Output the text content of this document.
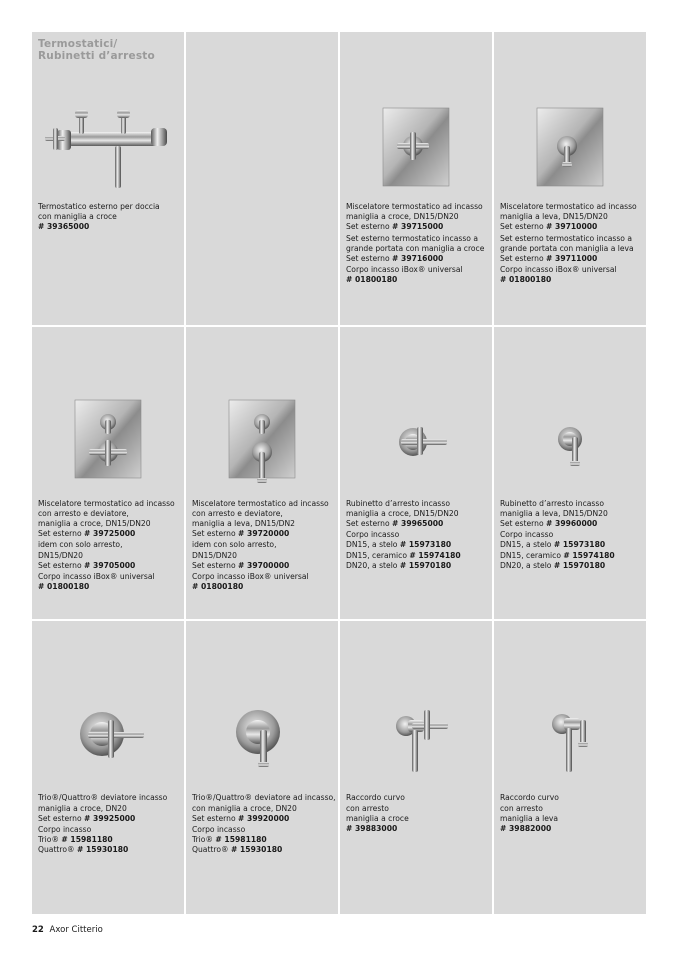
Termostatici/
Rubinetti d’arresto
Termostatico esterno per doccia
con maniglia a croce
# 39365000
Miscelatore termostatico ad incasso
maniglia a croce, DN15/DN20
Set esterno # 39715000
Set esterno termostatico incasso a
grande portata con maniglia a croce
Set esterno # 39716000
Corpo incasso iBox® universal
# 01800180
Miscelatore termostatico ad incasso
maniglia a leva, DN15/DN20
Set esterno # 39710000
Set esterno termostatico incasso a
grande portata con maniglia a leva
Set esterno # 39711000
Corpo incasso iBox® universal
# 01800180
Miscelatore termostatico ad incasso
con arresto e deviatore,
maniglia a croce, DN15/DN20
Set esterno # 39725000
idem con solo arresto,
DN15/DN20
Set esterno # 39705000
Corpo incasso iBox® universal
# 01800180
Miscelatore termostatico ad incasso
con arresto e deviatore,
maniglia a leva, DN15/DN2
Set esterno # 39720000
idem con solo arresto,
DN15/DN20
Set esterno # 39700000
Corpo incasso iBox® universal
# 01800180
Rubinetto d’arresto incasso
maniglia a croce, DN15/DN20
Set esterno # 39965000
Corpo incasso
DN15, a stelo # 15973180
DN15, ceramico # 15974180
DN20, a stelo # 15970180
Rubinetto d’arresto incasso
maniglia a leva, DN15/DN20
Set esterno # 39960000
Corpo incasso
DN15, a stelo # 15973180
DN15, ceramico # 15974180
DN20, a stelo # 15970180
Trio®/Quattro® deviatore incasso
maniglia a croce, DN20
Set esterno # 39925000
Corpo incasso
Trio® # 15981180
Quattro® # 15930180
Trio®/Quattro® deviatore ad incasso,
con maniglia a croce, DN20
Set esterno # 39920000
Corpo incasso
Trio® # 15981180
Quattro® # 15930180
Raccordo curvo
con arresto
maniglia a croce
# 39883000
Raccordo curvo
con arresto
maniglia a leva
# 39882000
22 Axor Citterio
